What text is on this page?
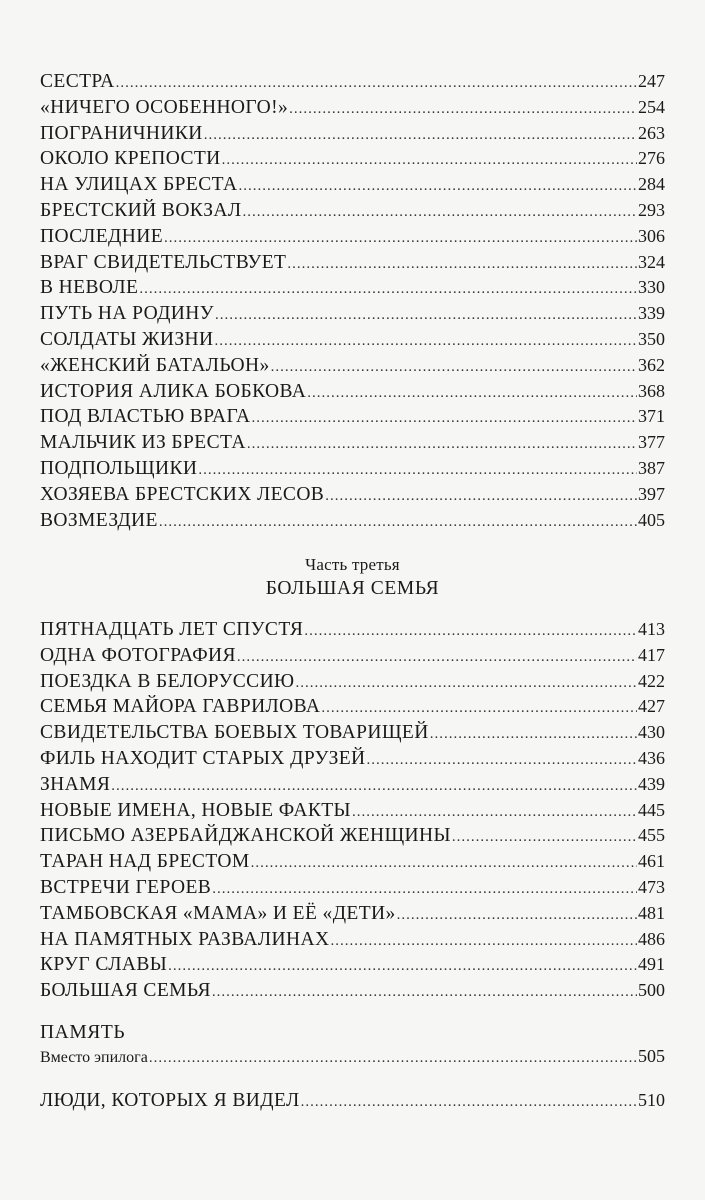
СЕСТРА .....	247
«НИЧЕГО ОСОБЕННОГО!» .....	254
ПОГРАНИЧНИКИ .....	263
ОКОЛО КРЕПОСТИ .....	276
НА УЛИЦАХ БРЕСТА .....	284
БРЕСТСКИЙ ВОКЗАЛ .....	293
ПОСЛЕДНИЕ .....	306
ВРАГ СВИДЕТЕЛЬСТВУЕТ .....	324
В НЕВОЛЕ .....	330
ПУТЬ НА РОДИНУ .....	339
СОЛДАТЫ ЖИЗНИ .....	350
«ЖЕНСКИЙ БАТАЛЬОН» .....	362
ИСТОРИЯ АЛИКА БОБКОВА .....	368
ПОД ВЛАСТЬЮ ВРАГА .....	371
МАЛЬЧИК ИЗ БРЕСТА .....	377
ПОДПОЛЬЩИКИ .....	387
ХОЗЯЕВА БРЕСТСКИХ ЛЕСОВ .....	397
ВОЗМЕЗДИЕ .....	405
Часть третья
БОЛЬШАЯ СЕМЬЯ
ПЯТНАДЦАТЬ ЛЕТ СПУСТЯ .....	413
ОДНА ФОТОГРАФИЯ .....	417
ПОЕЗДКА В БЕЛОРУССИЮ .....	422
СЕМЬЯ МАЙОРА ГАВРИЛОВА .....	427
СВИДЕТЕЛЬСТВА БОЕВЫХ ТОВАРИЩЕЙ .....	430
ФИЛЬ НАХОДИТ СТАРЫХ ДРУЗЕЙ .....	436
ЗНАМЯ .....	439
НОВЫЕ ИМЕНА, НОВЫЕ ФАКТЫ .....	445
ПИСЬМО АЗЕРБАЙДЖАНСКОЙ ЖЕНЩИНЫ .....	455
ТАРАН НАД БРЕСТОМ .....	461
ВСТРЕЧИ ГЕРОЕВ .....	473
ТАМБОВСКАЯ «МАМА» И ЕЁ «ДЕТИ» .....	481
НА ПАМЯТНЫХ РАЗВАЛИНАХ .....	486
КРУГ СЛАВЫ .....	491
БОЛЬШАЯ СЕМЬЯ .....	500
ПАМЯТЬ
Вместо эпилога .....	505
ЛЮДИ, КОТОРЫХ Я ВИДЕЛ .....	510
